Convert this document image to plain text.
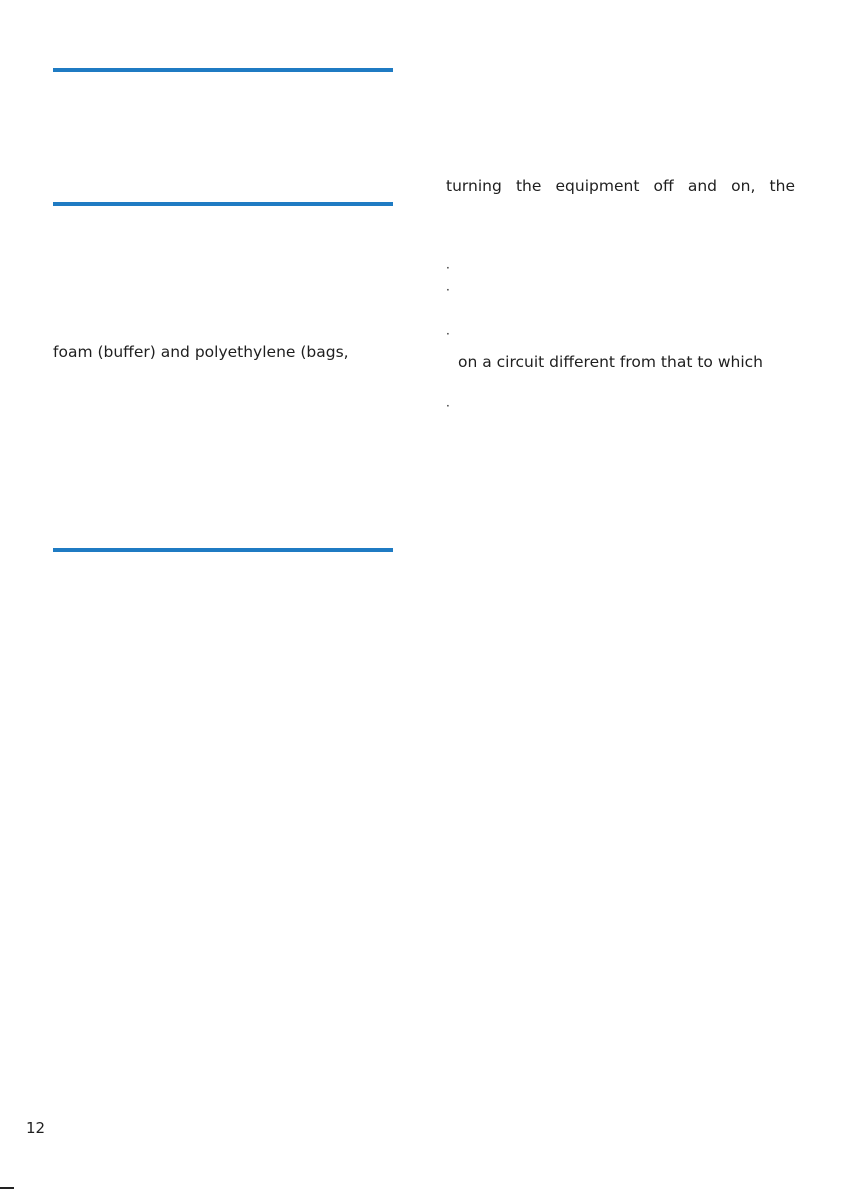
foam (buffer) and polyethylene (bags,
turning the equipment off and on, the
·
·
·
on a circuit different from that to which
·
12
